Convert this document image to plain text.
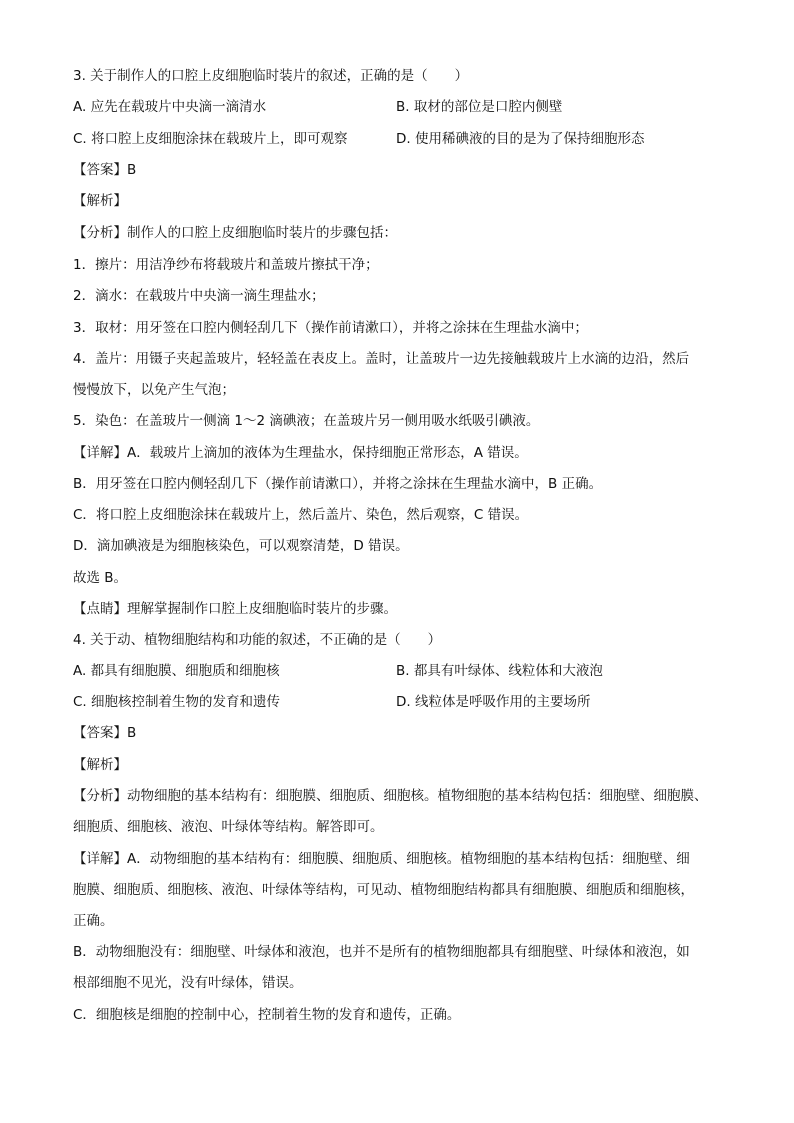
3. 关于制作人的口腔上皮细胞临时装片的叙述，正确的是（　　）
A. 应先在载玻片中央滴一滴清水	B. 取材的部位是口腔内侧壁
C. 将口腔上皮细胞涂抹在载玻片上，即可观察	D. 使用稀碘液的目的是为了保持细胞形态
【答案】B
【解析】
【分析】制作人的口腔上皮细胞临时装片的步骤包括：
1．擦片：用洁净纱布将载玻片和盖玻片擦拭干净；
2．滴水：在载玻片中央滴一滴生理盐水；
3．取材：用牙签在口腔内侧轻刮几下（操作前请漱口），并将之涂抹在生理盐水滴中；
4．盖片：用镊子夹起盖玻片，轻轻盖在表皮上。盖时，让盖玻片一边先接触载玻片上水滴的边沿，然后
慢慢放下，以免产生气泡；
5．染色：在盖玻片一侧滴 1～2 滴碘液；在盖玻片另一侧用吸水纸吸引碘液。
【详解】A．载玻片上滴加的液体为生理盐水，保持细胞正常形态，A 错误。
B．用牙签在口腔内侧轻刮几下（操作前请漱口），并将之涂抹在生理盐水滴中，B 正确。
C．将口腔上皮细胞涂抹在载玻片上，然后盖片、染色，然后观察，C 错误。
D．滴加碘液是为细胞核染色，可以观察清楚，D 错误。
故选 B。
【点睛】理解掌握制作口腔上皮细胞临时装片的步骤。
4. 关于动、植物细胞结构和功能的叙述，不正确的是（　　）
A. 都具有细胞膜、细胞质和细胞核	B. 都具有叶绿体、线粒体和大液泡
C. 细胞核控制着生物的发育和遗传	D. 线粒体是呼吸作用的主要场所
【答案】B
【解析】
【分析】动物细胞的基本结构有：细胞膜、细胞质、细胞核。植物细胞的基本结构包括：细胞壁、细胞膜、
细胞质、细胞核、液泡、叶绿体等结构。解答即可。
【详解】A．动物细胞的基本结构有：细胞膜、细胞质、细胞核。植物细胞的基本结构包括：细胞壁、细
胞膜、细胞质、细胞核、液泡、叶绿体等结构，可见动、植物细胞结构都具有细胞膜、细胞质和细胞核，
正确。
B．动物细胞没有：细胞壁、叶绿体和液泡，也并不是所有的植物细胞都具有细胞壁、叶绿体和液泡，如
根部细胞不见光，没有叶绿体，错误。
C．细胞核是细胞的控制中心，控制着生物的发育和遗传，正确。
